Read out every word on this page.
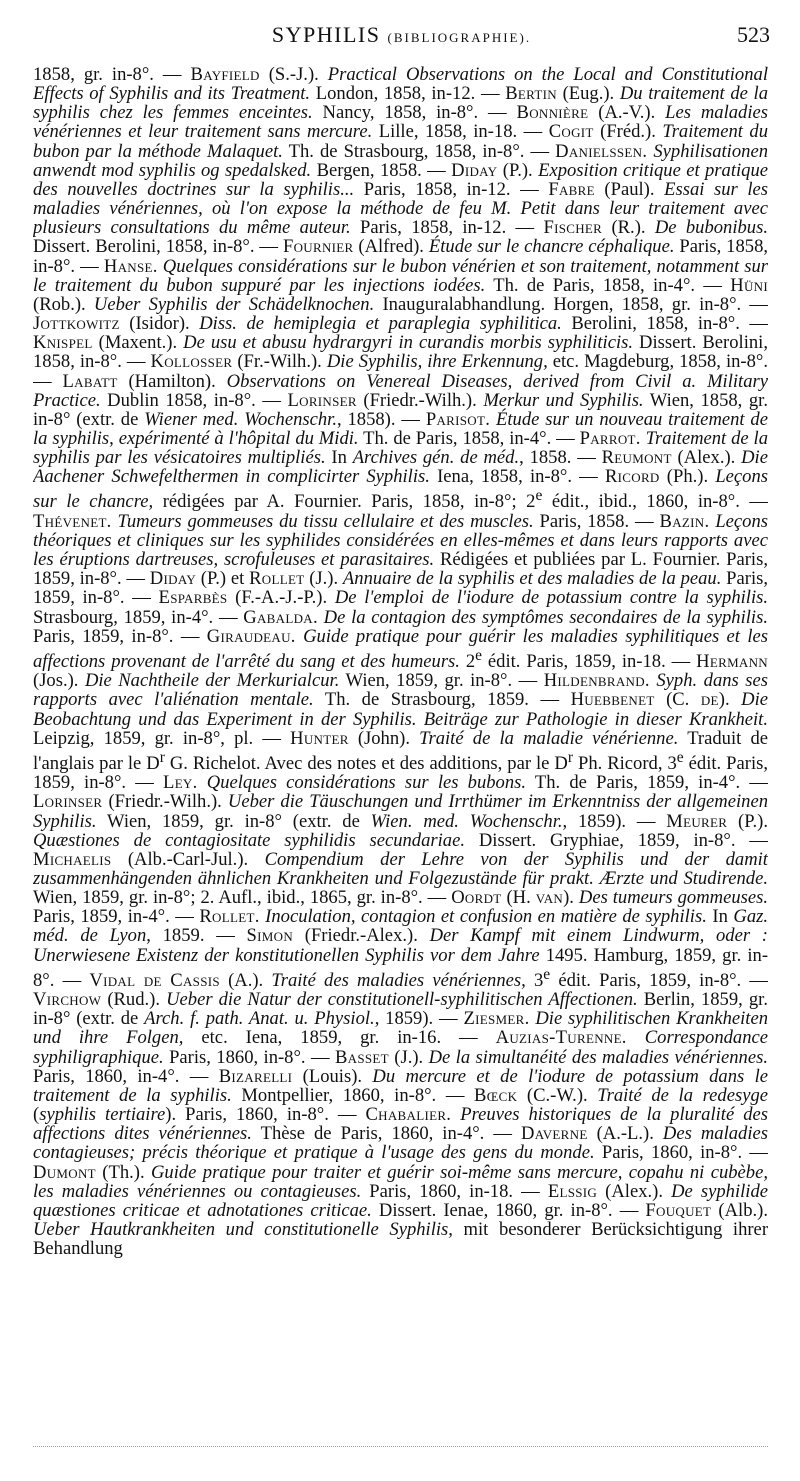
SYPHILIS (BIBLIOGRAPHIE).	523

1858, gr. in-8°. — Bayfield (S.-J.). Practical Observations on the Local and Constitutional Effects of Syphilis and its Treatment. London, 1858, in-12. — Bertin (Eug.). Du traitement de la syphilis chez les femmes enceintes. Nancy, 1858, in-8°. — Bonnière (A.-V.). Les maladies vénériennes et leur traitement sans mercure. Lille, 1858, in-18. — Cogit (Fréd.). Traitement du bubon par la méthode Malaquet. Th. de Strasbourg, 1858, in-8°. — Danielssen. Syphilisationen anwendt mod syphilis og spedalsked. Bergen, 1858. — Diday (P.). Exposition critique et pratique des nouvelles doctrines sur la syphilis... Paris, 1858, in-12. — Fabre (Paul). Essai sur les maladies vénériennes, où l'on expose la méthode de feu M. Petit dans leur traitement avec plusieurs consultations du même auteur. Paris, 1858, in-12. — Fischer (R.). De bubonibus. Dissert. Berolini, 1858, in-8°. — Fournier (Alfred). Étude sur le chancre céphalique. Paris, 1858, in-8°. — Hanse. Quelques considérations sur le bubon vénérien et son traitement, notamment sur le traitement du bubon suppuré par les injections iodées. Th. de Paris, 1858, in-4°. — Hüni (Rob.). Ueber Syphilis der Schädelknochen. Inauguralabhandlung. Horgen, 1858, gr. in-8°. — Jottkowitz (Isidor). Diss. de hemiplegia et paraplegia syphilitica. Berolini, 1858, in-8°. — Knispel (Maxent.). De usu et abusu hydrargyri in curandis morbis syphiliticis. Dissert. Berolini, 1858, in-8°. — Kollosser (Fr.-Wilh.). Die Syphilis, ihre Erkennung, etc. Magdeburg, 1858, in-8°. — Labatt (Hamilton). Observations on Venereal Diseases, derived from Civil a. Military Practice. Dublin 1858, in-8°. — Lorinser (Friedr.-Wilh.). Merkur und Syphilis. Wien, 1858, gr. in-8° (extr. de Wiener med. Wochenschr., 1858). — Parisot. Étude sur un nouveau traitement de la syphilis, expérimenté à l'hôpital du Midi. Th. de Paris, 1858, in-4°. — Parrot. Traitement de la syphilis par les vésicatoires multipliés. In Archives gén. de méd., 1858. — Reumont (Alex.). Die Aachener Schwefelthermen in complicirter Syphilis. Iena, 1858, in-8°. — Ricord (Ph.). Leçons sur le chancre, rédigées par A. Fournier. Paris, 1858, in-8°; 2e édit., ibid., 1860, in-8°. — Thévenet. Tumeurs gommeuses du tissu cellulaire et des muscles. Paris, 1858. — Bazin. Leçons théoriques et cliniques sur les syphilides considérées en elles-mêmes et dans leurs rapports avec les éruptions dartreuses, scrofuleuses et parasitaires. Rédigées et publiées par L. Fournier. Paris, 1859, in-8°. — Diday (P.) et Rollet (J.). Annuaire de la syphilis et des maladies de la peau. Paris, 1859, in-8°. — Esparbès (F.-A.-J.-P.). De l'emploi de l'iodure de potassium contre la syphilis. Strasbourg, 1859, in-4°. — Gabalda. De la contagion des symptômes secondaires de la syphilis. Paris, 1859, in-8°. — Giraudeau. Guide pratique pour guérir les maladies syphilitiques et les affections provenant de l'arrêté du sang et des humeurs. 2e édit. Paris, 1859, in-18. — Hermann (Jos.). Die Nachtheile der Merkurialcur. Wien, 1859, gr. in-8°. — Hildenbrand. Syph. dans ses rapports avec l'aliénation mentale. Th. de Strasbourg, 1859. — Huebbenet (C. de). Die Beobachtung und das Experiment in der Syphilis. Beiträge zur Pathologie in dieser Krankheit. Leipzig, 1859, gr. in-8°, pl. — Hunter (John). Traité de la maladie vénérienne. Traduit de l'anglais par le $D^r$ G. Richelot. Avec des notes et des additions, par le $D^r$ Ph. Ricord, 3e édit. Paris, 1859, in-8°. — Ley. Quelques considérations sur les bubons. Th. de Paris, 1859, in-4°. — Lorinser (Friedr.-Wilh.). Ueber die Täuschungen und Irrthümer im Erkenntniss der allgemeinen Syphilis. Wien, 1859, gr. in-8° (extr. de Wien. med. Wochenschr., 1859). — Meurer (P.). Quæstiones de contagiositate syphilidis secundariae. Dissert. Gryphiae, 1859, in-8°. — Michaelis (Alb.-Carl-Jul.). Compendium der Lehre von der Syphilis und der damit zusammenhängenden ähnlichen Krankheiten und Folgezustände für prakt. Ærzte und Studirende. Wien, 1859, gr. in-8°; 2. Aufl., ibid., 1865, gr. in-8°. — Oordt (H. van). Des tumeurs gommeuses. Paris, 1859, in-4°. — Rollet. Inoculation, contagion et confusion en matière de syphilis. In Gaz. méd. de Lyon, 1859. — Simon (Friedr.-Alex.). Der Kampf mit einem Lindwurm, oder : Unerwiesene Existenz der konstitutionellen Syphilis vor dem Jahre 1495. Hamburg, 1859, gr. in-8°. — Vidal de Cassis (A.). Traité des maladies vénériennes, 3e édit. Paris, 1859, in-8°. — Virchow (Rud.). Ueber die Natur der constitutionell-syphilitischen Affectionen. Berlin, 1859, gr. in-8° (extr. de Arch. f. path. Anat. u. Physiol., 1859). — Ziesmer. Die syphilitischen Krankheiten und ihre Folgen, etc. Iena, 1859, gr. in-16. — Auzias-Turenne. Correspondance syphiligraphique. Paris, 1860, in-8°. — Basset (J.). De la simultanéité des maladies vénériennes. Paris, 1860, in-4°. — Bizarelli (Louis). Du mercure et de l'iodure de potassium dans le traitement de la syphilis. Montpellier, 1860, in-8°. — Bœck (C.-W.). Traité de la redesyge (syphilis tertiaire). Paris, 1860, in-8°. — Chabalier. Preuves historiques de la pluralité des affections dites vénériennes. Thèse de Paris, 1860, in-4°. — Daverne (A.-L.). Des maladies contagieuses; précis théorique et pratique à l'usage des gens du monde. Paris, 1860, in-8°. — Dumont (Th.). Guide pratique pour traiter et guérir soi-même sans mercure, copahu ni cubèbe, les maladies vénériennes ou contagieuses. Paris, 1860, in-18. — Elssig (Alex.). De syphilide quæstiones criticae et adnotationes criticae. Dissert. Ienae, 1860, gr. in-8°. — Fouquet (Alb.). Ueber Hautkrankheiten und constitutionelle Syphilis, mit besonderer Berücksichtigung ihrer Behandlung
